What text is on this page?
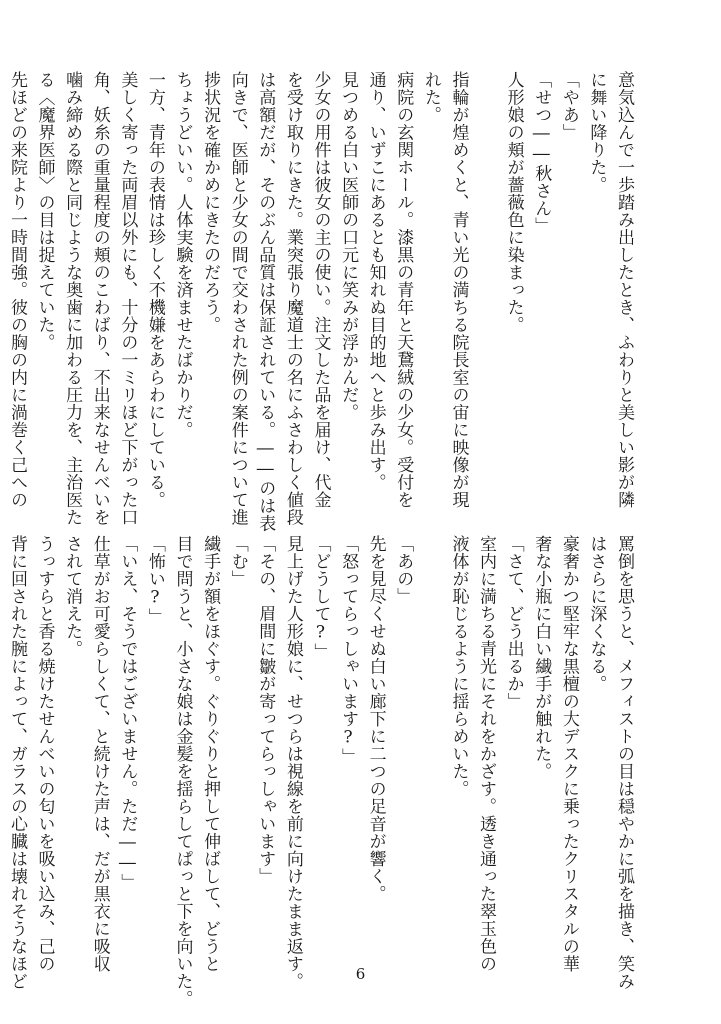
意気込んで一歩踏み出したとき、ふわりと美しい影が隣

に舞い降りた。

「やあ」

「せつ――秋さん」

人形娘の頬が薔薇色に染まった。

指輪が煌めくと、青い光の満ちる院長室の宙に映像が現

れた。

病院の玄関ホール。漆黒の青年と天鵞絨の少女。受付を

通り、いずこにあるとも知れぬ目的地へと歩み出す。

見つめる白い医師の口元に笑みが浮かんだ。

少女の用件は彼女の主の使い。注文した品を届け、代金

を受け取りにきた。業突張り魔道士の名にふさわしく値段

は高額だが、そのぶん品質は保証されている。――のは表

向きで、医師と少女の間で交わされた例の案件について進

捗状況を確かめにきたのだろう。

ちょうどいい。人体実験を済ませたばかりだ。

一方、青年の表情は珍しく不機嫌をあらわにしている。

美しく寄った両眉以外にも、十分の一ミリほど下がった口

角、妖糸の重量程度の頬のこわばり、不出来なせんべいを

噛み締める際と同じような奥歯に加わる圧力を、主治医た

る〈魔界医師〉の目は捉えていた。

先ほどの来院より一時間強。彼の胸の内に渦巻く己への

罵倒を思うと、メフィストの目は穏やかに弧を描き、笑み

はさらに深くなる。

豪奢かつ堅牢な黒檀の大デスクに乗ったクリスタルの華

奢な小瓶に白い繊手が触れた。

「さて、どう出るか」

室内に満ちる青光にそれをかざす。透き通った翠玉色の

液体が恥じるように揺らめいた。

「あの」

先を見尽くせぬ白い廊下に二つの足音が響く。

「怒ってらっしゃいます?」

「どうして?」

見上げた人形娘に、せつらは視線を前に向けたまま返す。

「その、眉間に皺が寄ってらっしゃいます」

「む」

繊手が額をほぐす。ぐりぐりと押して伸ばして、どうと

目で問うと、小さな娘は金髪を揺らしてぱっと下を向いた。

「怖い?」

「いえ、そうではございません。ただ――」

仕草がお可愛らしくて、と続けた声は、だが黒衣に吸収

されて消えた。

うっすらと香る焼けたせんべいの匂いを吸い込み、己の

背に回された腕によって、ガラスの心臓は壊れそうなほど	6
